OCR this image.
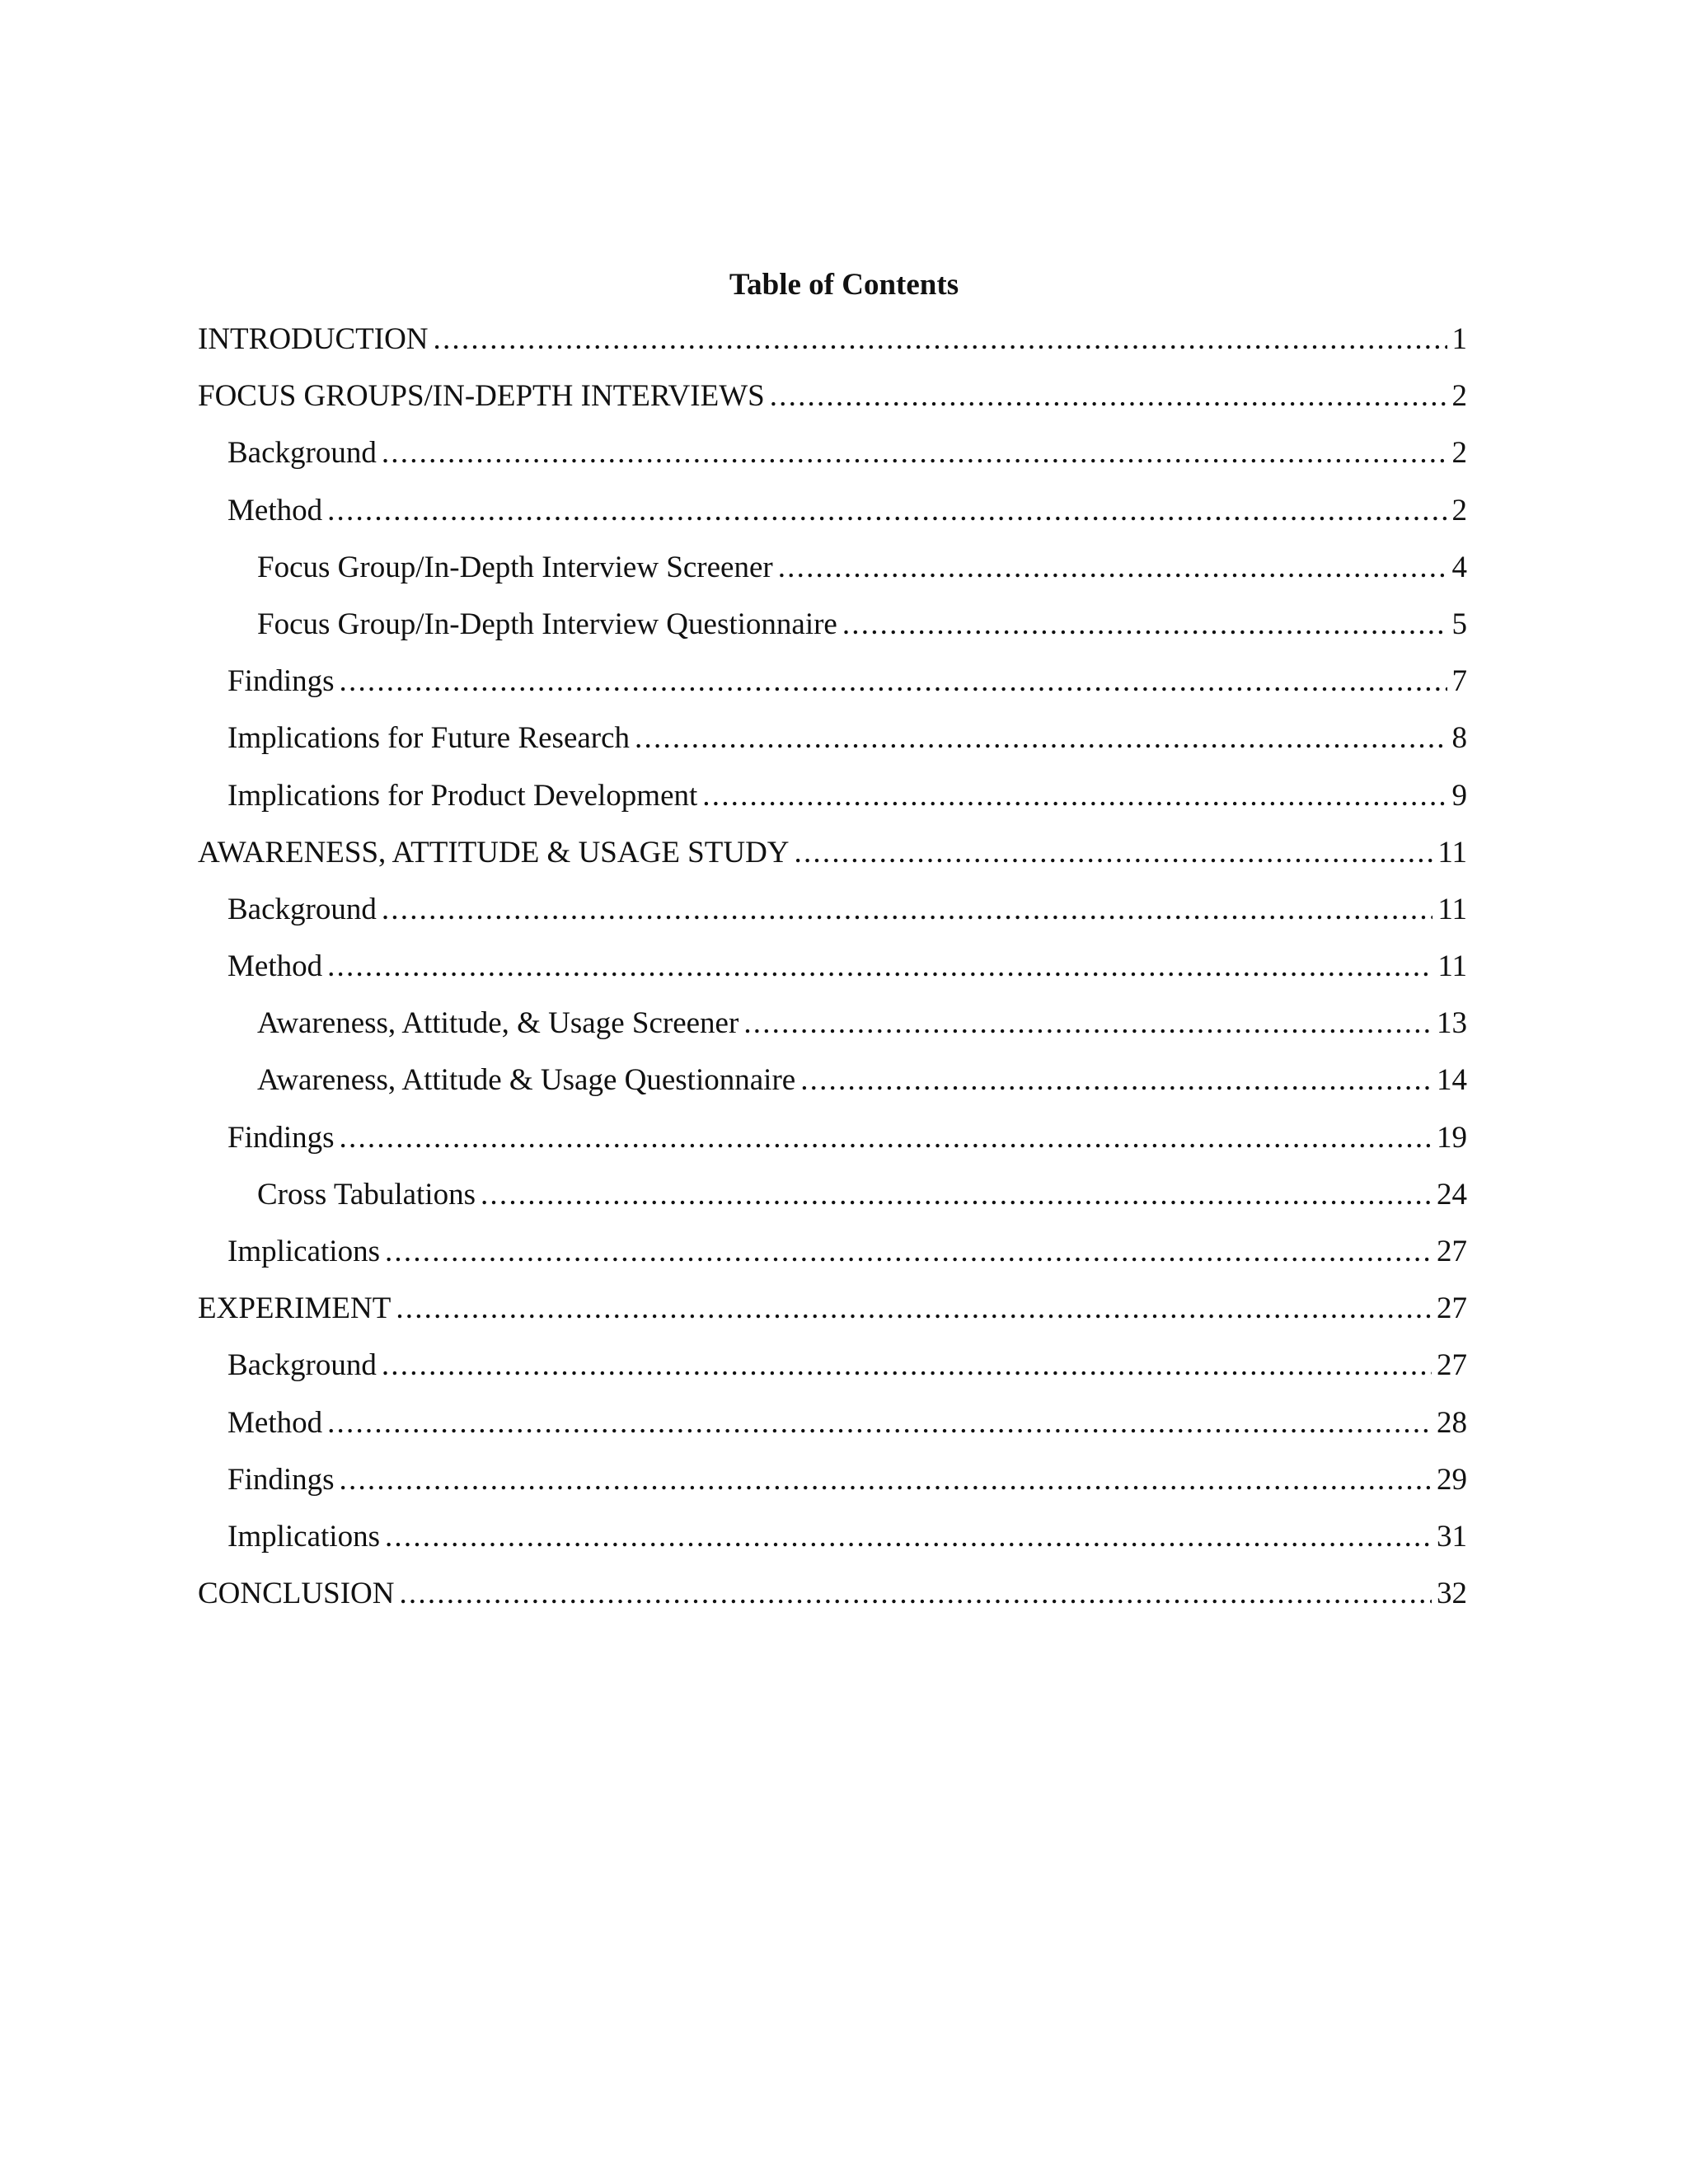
Table of Contents
INTRODUCTION .....	1
FOCUS GROUPS/IN-DEPTH INTERVIEWS .....	2
Background .....	2
Method .....	2
Focus Group/In-Depth Interview Screener .....	4
Focus Group/In-Depth Interview Questionnaire .....	5
Findings .....	7
Implications for Future Research .....	8
Implications for Product Development .....	9
AWARENESS, ATTITUDE & USAGE STUDY .....	11
Background .....	11
Method .....	11
Awareness, Attitude, & Usage Screener .....	13
Awareness, Attitude & Usage Questionnaire .....	14
Findings .....	19
Cross Tabulations .....	24
Implications .....	27
EXPERIMENT .....	27
Background .....	27
Method .....	28
Findings .....	29
Implications .....	31
CONCLUSION .....	32
